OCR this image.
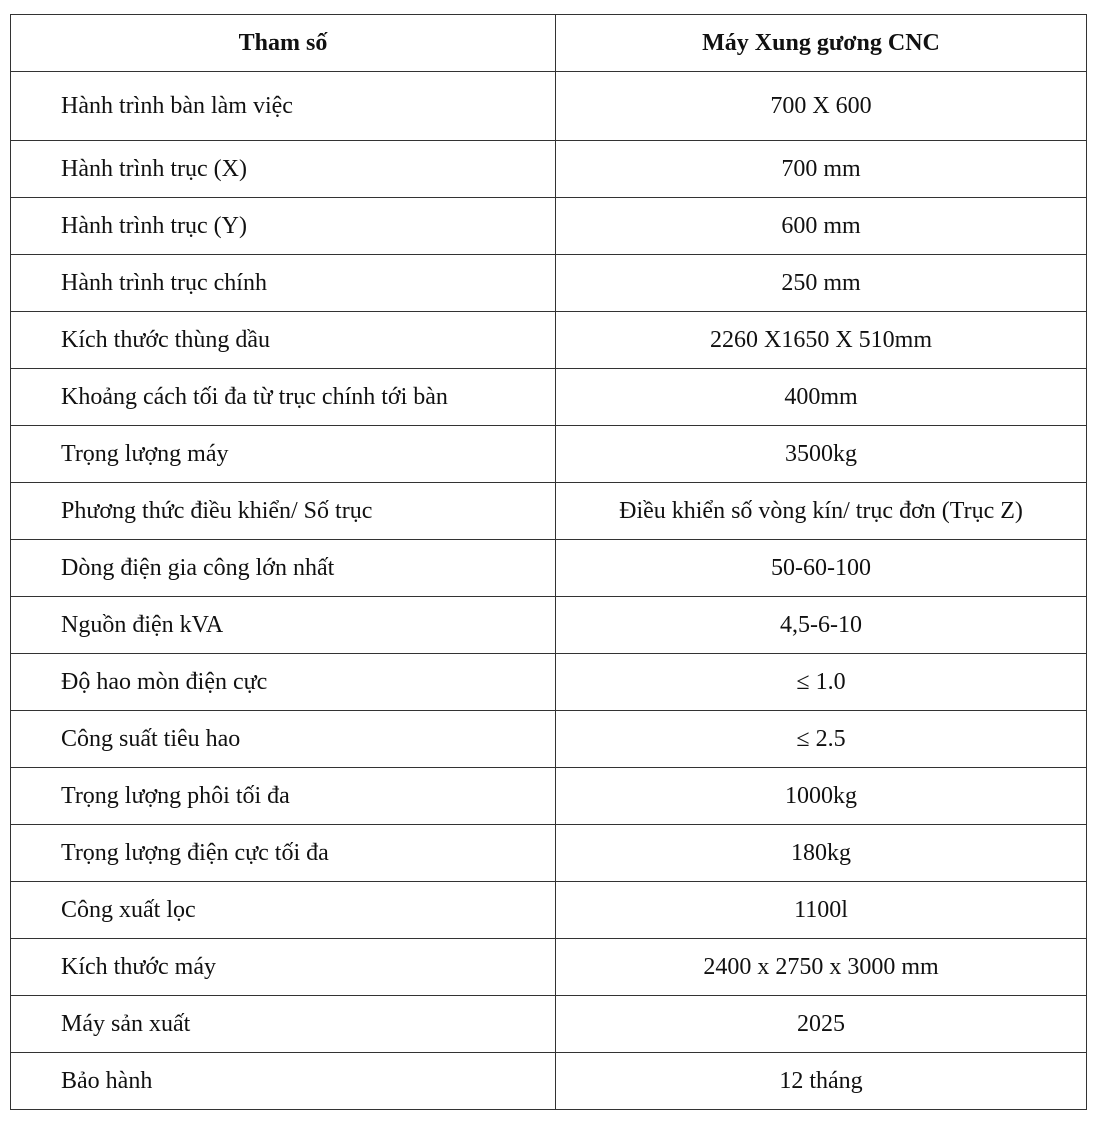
Tham số	Máy Xung gương CNC
Hành trình bàn làm việc	700 X 600
Hành trình trục (X)	700 mm
Hành trình trục (Y)	600 mm
Hành trình trục chính	250 mm
Kích thước thùng dầu	2260 X1650 X 510mm
Khoảng cách tối đa từ trục chính tới bàn	400mm
Trọng lượng máy	3500kg
Phương thức điều khiển/ Số trục	Điều khiển số vòng kín/ trục đơn (Trục Z)
Dòng điện gia công lớn nhất	50-60-100
Nguồn điện kVA	4,5-6-10
Độ hao mòn điện cực	≤ 1.0
Công suất tiêu hao	≤ 2.5
Trọng lượng phôi tối đa	1000kg
Trọng lượng điện cực tối đa	180kg
Công xuất lọc	1100l
Kích thước máy	2400 x 2750 x 3000 mm
Máy sản xuất	2025
Bảo hành	12 tháng
